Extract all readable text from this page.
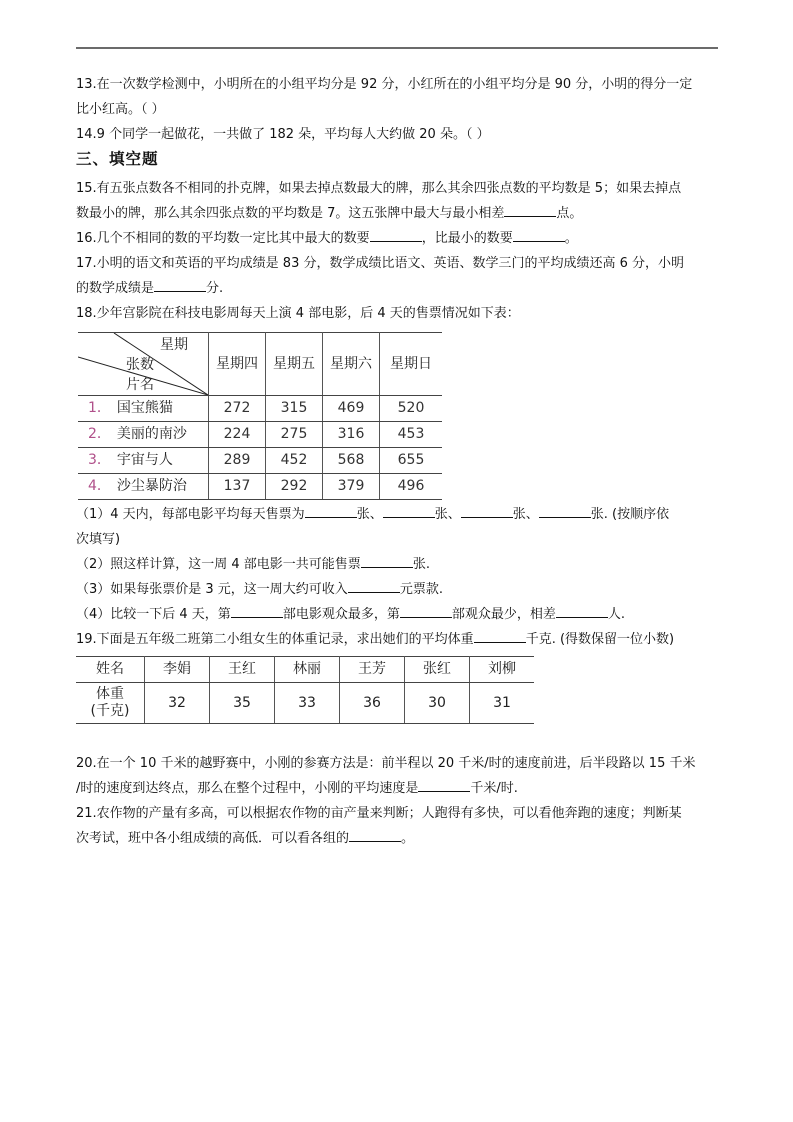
13.在一次数学检测中，小明所在的小组平均分是 92 分，小红所在的小组平均分是 90 分，小明的得分一定
比小红高。（ ）

14.9 个同学一起做花，一共做了 182 朵，平均每人大约做 20 朵。（ ）

三、填空题

15.有五张点数各不相同的扑克牌，如果去掉点数最大的牌，那么其余四张点数的平均数是 5；如果去掉点
数最小的牌，那么其余四张点数的平均数是 7。这五张牌中最大与最小相差	点。

16.几个不相同的数的平均数一定比其中最大的数要	，比最小的数要	。

17.小明的语文和英语的平均成绩是 83 分，数学成绩比语文、英语、数学三门的平均成绩还高 6 分，小明
的数学成绩是	分.

18.少年宫影院在科技电影周每天上演 4 部电影，后 4 天的售票情况如下表：

星期
张数
片名	星期四	星期五	星期六	星期日
1． 国宝熊猫	272	315	469	520
2． 美丽的南沙	224	275	316	453
3． 宇宙与人	289	452	568	655
4． 沙尘暴防治	137	292	379	496

（1）4 天内，每部电影平均每天售票为	张、	张、	张、	张. (按顺序依
次填写)

（2）照这样计算，这一周 4 部电影一共可能售票	张.

（3）如果每张票价是 3 元，这一周大约可收入	元票款.

（4）比较一下后 4 天，第	部电影观众最多，第	部观众最少，相差	人.

19.下面是五年级二班第二小组女生的体重记录，求出她们的平均体重	千克. (得数保留一位小数)

姓名	李娟	王红	林丽	王芳	张红	刘柳
体重
(千克)	32	35	33	36	30	31

20.在一个 10 千米的越野赛中，小刚的参赛方法是：前半程以 20 千米/时的速度前进，后半段路以 15 千米
/时的速度到达终点，那么在整个过程中，小刚的平均速度是	千米/时.

21.农作物的产量有多高，可以根据农作物的亩产量来判断；人跑得有多快，可以看他奔跑的速度；判断某
次考试，班中各小组成绩的高低．可以看各组的	。
